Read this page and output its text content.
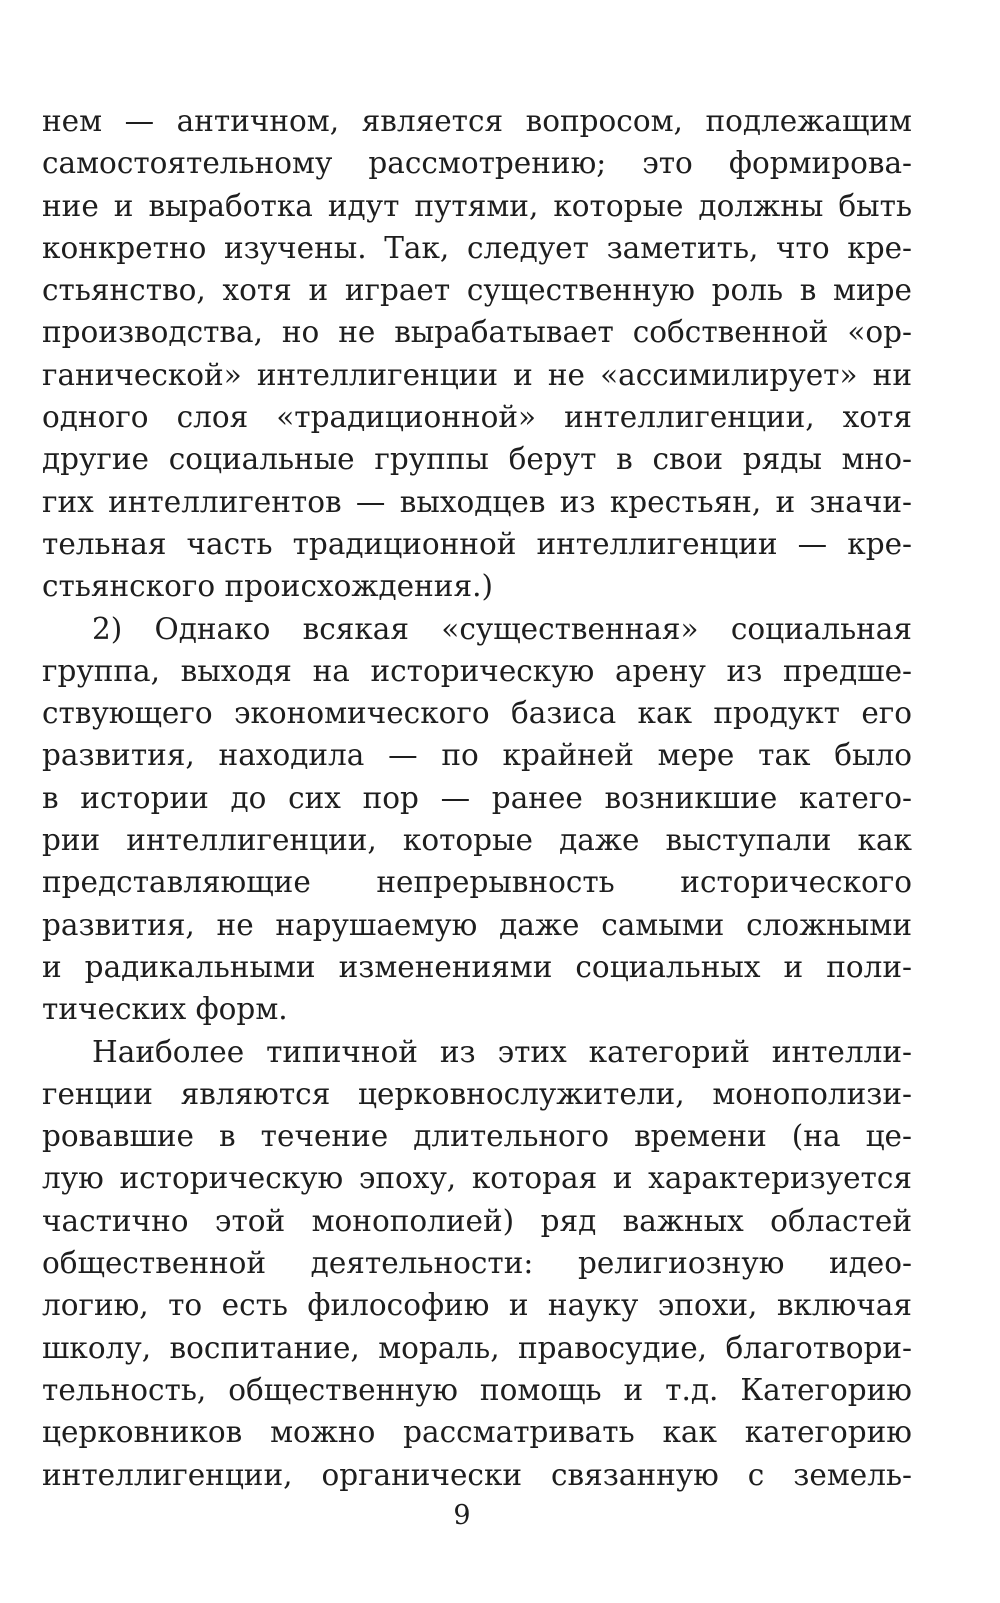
нем — античном, является вопросом, подлежащим
самостоятельному рассмотрению; это формирова-
ние и выработка идут путями, которые должны быть
конкретно изучены. Так, следует заметить, что кре-
стьянство, хотя и играет существенную роль в мире
производства, но не вырабатывает собственной «ор-
ганической» интеллигенции и не «ассимилирует» ни
одного слоя «традиционной» интеллигенции, хотя
другие социальные группы берут в свои ряды мно-
гих интеллигентов — выходцев из крестьян, и значи-
тельная часть традиционной интеллигенции — кре-
стьянского происхождения.)
2) Однако всякая «существенная» социальная
группа, выходя на историческую арену из предше-
ствующего экономического базиса как продукт его
развития, находила — по крайней мере так было
в истории до сих пор — ранее возникшие катего-
рии интеллигенции, которые даже выступали как
представляющие непрерывность исторического
развития, не нарушаемую даже самыми сложными
и радикальными изменениями социальных и поли-
тических форм.
Наиболее типичной из этих категорий интелли-
генции являются церковнослужители, монополизи-
ровавшие в течение длительного времени (на це-
лую историческую эпоху, которая и характеризуется
частично этой монополией) ряд важных областей
общественной деятельности: религиозную идео-
логию, то есть философию и науку эпохи, включая
школу, воспитание, мораль, правосудие, благотвори-
тельность, общественную помощь и т.д. Категорию
церковников можно рассматривать как категорию
интеллигенции, органически связанную с земель-
9
